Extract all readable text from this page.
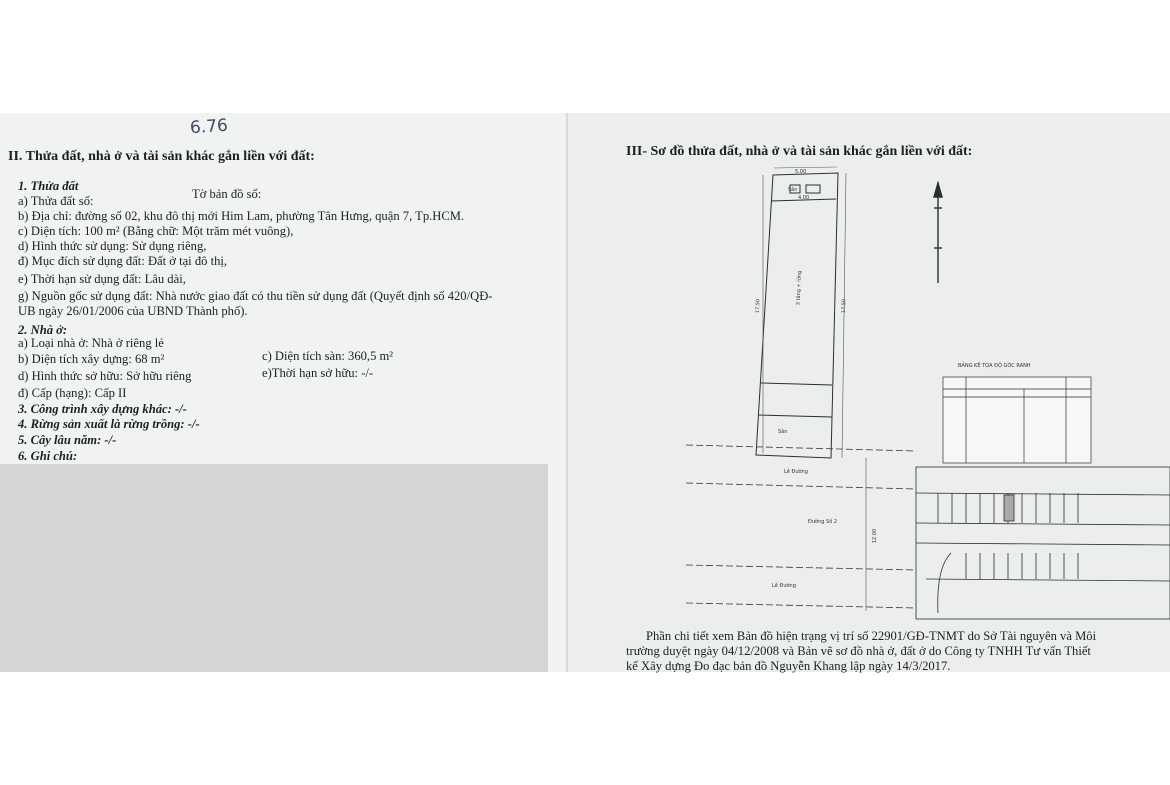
6.76
II. Thửa đất, nhà ở và tài sản khác gắn liền với đất:
1. Thửa đất
a) Thửa đất số:	Tờ bản đồ số:
b) Địa chỉ: đường số 02, khu đô thị mới Him Lam, phường Tân Hưng, quận 7, Tp.HCM.
c) Diện tích: 100 m² (Bằng chữ: Một trăm mét vuông),
d) Hình thức sử dụng: Sử dụng riêng,
đ) Mục đích sử dụng đất: Đất ở tại đô thị,
e) Thời hạn sử dụng đất: Lâu dài,
g) Nguồn gốc sử dụng đất: Nhà nước giao đất có thu tiền sử dụng đất (Quyết định số 420/QĐ-
UB ngày 26/01/2006 của UBND Thành phố).
2. Nhà ở:
a) Loại nhà ở: Nhà ở riêng lẻ
b) Diện tích xây dựng: 68 m²	c) Diện tích sàn: 360,5 m²
d) Hình thức sở hữu: Sở hữu riêng	e)Thời hạn sở hữu: -/-
đ) Cấp (hạng): Cấp II
3. Công trình xây dựng khác: -/-
4. Rừng sản xuất là rừng trồng: -/-
5. Cây lâu năm: -/-
6. Ghi chú:
III- Sơ đồ thửa đất, nhà ở và tài sản khác gắn liền với đất:
5.00
4.00
17.50	17.50
3 tầng + lửng
Sân
Sân
Lề Đường
Đường Số 2
Lề Đường
12.00
BẢNG KÊ TỌA ĐỘ GÓC RANH
Phần chi tiết xem Bản đồ hiện trạng vị trí số 22901/GĐ-TNMT do Sở Tài nguyên và Môi
trường duyệt ngày 04/12/2008 và Bản vẽ sơ đồ nhà ở, đất ở do Công ty TNHH Tư vấn Thiết
kế Xây dựng Đo đạc bản đồ Nguyễn Khang lập ngày 14/3/2017.
